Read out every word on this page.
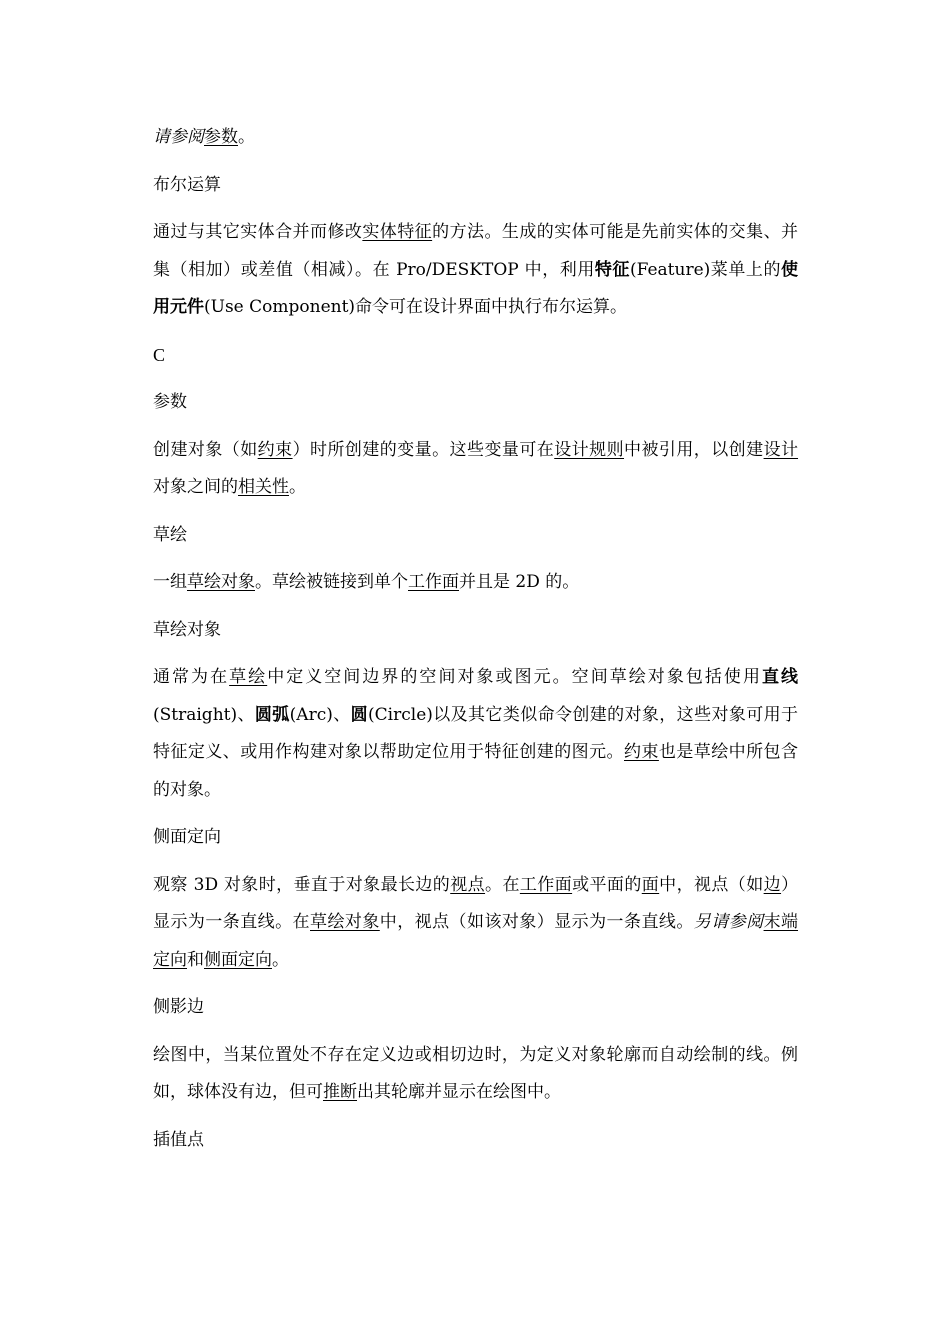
请参阅参数。

布尔运算

通过与其它实体合并而修改实体特征的方法。生成的实体可能是先前实体的交集、并集（相加）或差值（相减）。在 Pro/DESKTOP 中，利用特征(Feature)菜单上的使用元件(Use Component)命令可在设计界面中执行布尔运算。

C

参数

创建对象（如约束）时所创建的变量。这些变量可在设计规则中被引用，以创建设计对象之间的相关性。

草绘

一组草绘对象。草绘被链接到单个工作面并且是 2D 的。

草绘对象

通常为在草绘中定义空间边界的空间对象或图元。空间草绘对象包括使用直线(Straight)、圆弧(Arc)、圆(Circle)以及其它类似命令创建的对象，这些对象可用于特征定义、或用作构建对象以帮助定位用于特征创建的图元。约束也是草绘中所包含的对象。

侧面定向

观察 3D 对象时，垂直于对象最长边的视点。在工作面或平面的面中，视点（如边）显示为一条直线。在草绘对象中，视点（如该对象）显示为一条直线。另请参阅末端定向和侧面定向。

侧影边

绘图中，当某位置处不存在定义边或相切边时，为定义对象轮廓而自动绘制的线。例如，球体没有边，但可推断出其轮廓并显示在绘图中。

插值点
